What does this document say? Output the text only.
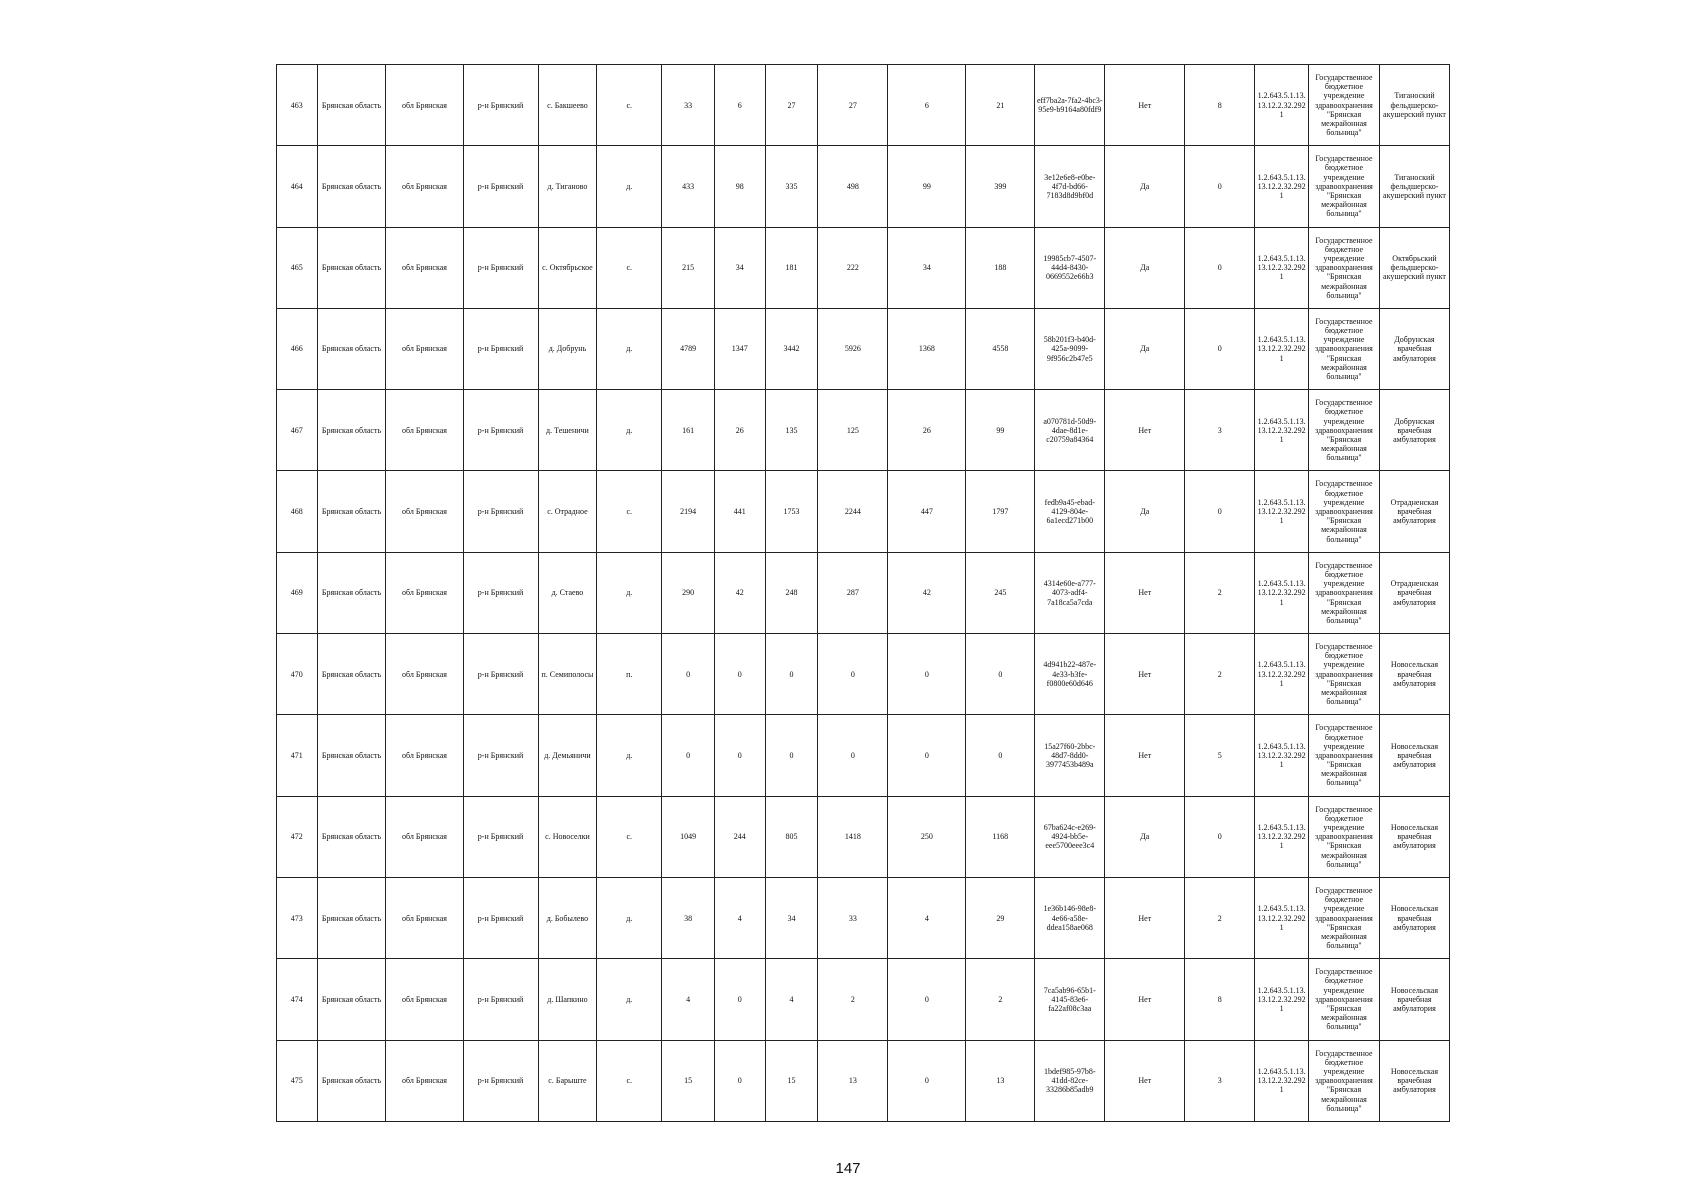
463	Брянская область	обл Брянская	р-н Брянский	с. Бакшеево	с.	33	6	27	27	6	21	eff7ba2a-7fa2-4bc3-95e9-b9164a80fdf9	Нет	8	1.2.643.5.1.13.13.12.2.32.2921	Государственное бюджетное учреждение здравоохранения "Брянская межрайонная больница"	Тиганоский фельдшерско-акушерский пункт
464	Брянская область	обл Брянская	р-н Брянский	д. Тиганово	д.	433	98	335	498	99	399	3e12e6e8-e0be-4f7d-bd66-7183d8d9bf0d	Да	0	1.2.643.5.1.13.13.12.2.32.2921	Государственное бюджетное учреждение здравоохранения "Брянская межрайонная больница"	Тиганоский фельдшерско-акушерский пункт
465	Брянская область	обл Брянская	р-н Брянский	с. Октябрьское	с.	215	34	181	222	34	188	19985cb7-4507-44d4-8430-0669552e66b3	Да	0	1.2.643.5.1.13.13.12.2.32.2921	Государственное бюджетное учреждение здравоохранения "Брянская межрайонная больница"	Октябрьский фельдшерско-акушерский пункт
466	Брянская область	обл Брянская	р-н Брянский	д. Добрунь	д.	4789	1347	3442	5926	1368	4558	58b201f3-b40d-425a-9099-9f956c2b47e5	Да	0	1.2.643.5.1.13.13.12.2.32.2921	Государственное бюджетное учреждение здравоохранения "Брянская межрайонная больница"	Добрунская врачебная амбулатория
467	Брянская область	обл Брянская	р-н Брянский	д. Тешеничи	д.	161	26	135	125	26	99	a070781d-50d9-4dae-8d1e-c20759a84364	Нет	3	1.2.643.5.1.13.13.12.2.32.2921	Государственное бюджетное учреждение здравоохранения "Брянская межрайонная больница"	Добрунская врачебная амбулатория
468	Брянская область	обл Брянская	р-н Брянский	с. Отрадное	с.	2194	441	1753	2244	447	1797	fedb9a45-ebad-4129-804e-6a1ecd271b00	Да	0	1.2.643.5.1.13.13.12.2.32.2921	Государственное бюджетное учреждение здравоохранения "Брянская межрайонная больница"	Отрадненская врачебная амбулатория
469	Брянская область	обл Брянская	р-н Брянский	д. Стаево	д.	290	42	248	287	42	245	4314e60e-a777-4073-adf4-7a18ca5a7cda	Нет	2	1.2.643.5.1.13.13.12.2.32.2921	Государственное бюджетное учреждение здравоохранения "Брянская межрайонная больница"	Отрадненская врачебная амбулатория
470	Брянская область	обл Брянская	р-н Брянский	п. Семиполосы	п.	0	0	0	0	0	0	4d941b22-487e-4e33-b3fe-f0800e60d646	Нет	2	1.2.643.5.1.13.13.12.2.32.2921	Государственное бюджетное учреждение здравоохранения "Брянская межрайонная больница"	Новосельская врачебная амбулатория
471	Брянская область	обл Брянская	р-н Брянский	д. Демьяничи	д.	0	0	0	0	0	0	15a27f60-2bbc-48d7-8dd0-3977453b489a	Нет	5	1.2.643.5.1.13.13.12.2.32.2921	Государственное бюджетное учреждение здравоохранения "Брянская межрайонная больница"	Новосельская врачебная амбулатория
472	Брянская область	обл Брянская	р-н Брянский	с. Новоселки	с.	1049	244	805	1418	250	1168	67ba624c-e269-4924-bb5e-eee5700eee3c4	Да	0	1.2.643.5.1.13.13.12.2.32.2921	Государственное бюджетное учреждение здравоохранения "Брянская межрайонная больница"	Новосельская врачебная амбулатория
473	Брянская область	обл Брянская	р-н Брянский	д. Бобылево	д.	38	4	34	33	4	29	1e36b146-98e8-4e66-a58e-ddea158ae068	Нет	2	1.2.643.5.1.13.13.12.2.32.2921	Государственное бюджетное учреждение здравоохранения "Брянская межрайонная больница"	Новосельская врачебная амбулатория
474	Брянская область	обл Брянская	р-н Брянский	д. Шапкино	д.	4	0	4	2	0	2	7ca5ab96-65b1-4145-83e6-fa22af08c3aa	Нет	8	1.2.643.5.1.13.13.12.2.32.2921	Государственное бюджетное учреждение здравоохранения "Брянская межрайонная больница"	Новосельская врачебная амбулатория
475	Брянская область	обл Брянская	р-н Брянский	с. Барыште	с.	15	0	15	13	0	13	1bdef985-97b8-41dd-82ce-33286b85adb9	Нет	3	1.2.643.5.1.13.13.12.2.32.2921	Государственное бюджетное учреждение здравоохранения "Брянская межрайонная больница"	Новосельская врачебная амбулатория
147
